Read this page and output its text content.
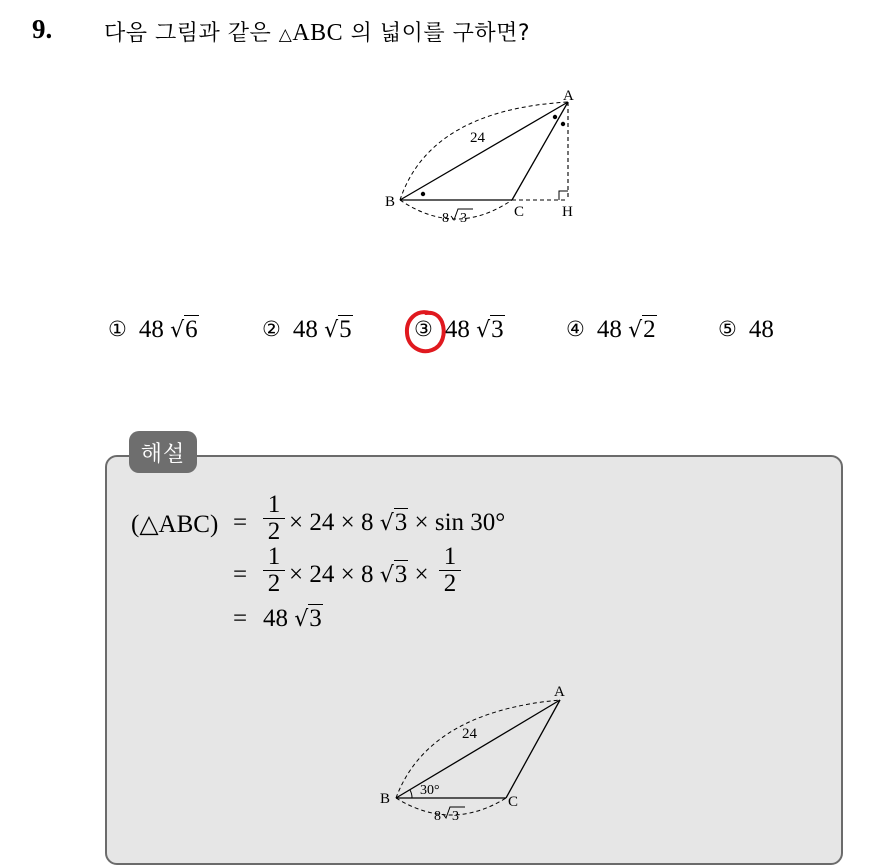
9. 다음 그림과 같은 △ABC 의 넓이를 구하면?
A
B
C	H
24
8 3
① 48 √6	② 48 √5	③ 48 √3	④ 48 √2	⑤ 48
(△ABC) = $\frac{1}{2} \times 24 \times 8$ √3 × sin 30°
= $\frac{1}{2} \times 24 \times 8$ $√3 \times \frac{1}{2}$
= 48 √3
해설
A
B	C
24
30°
8 3
